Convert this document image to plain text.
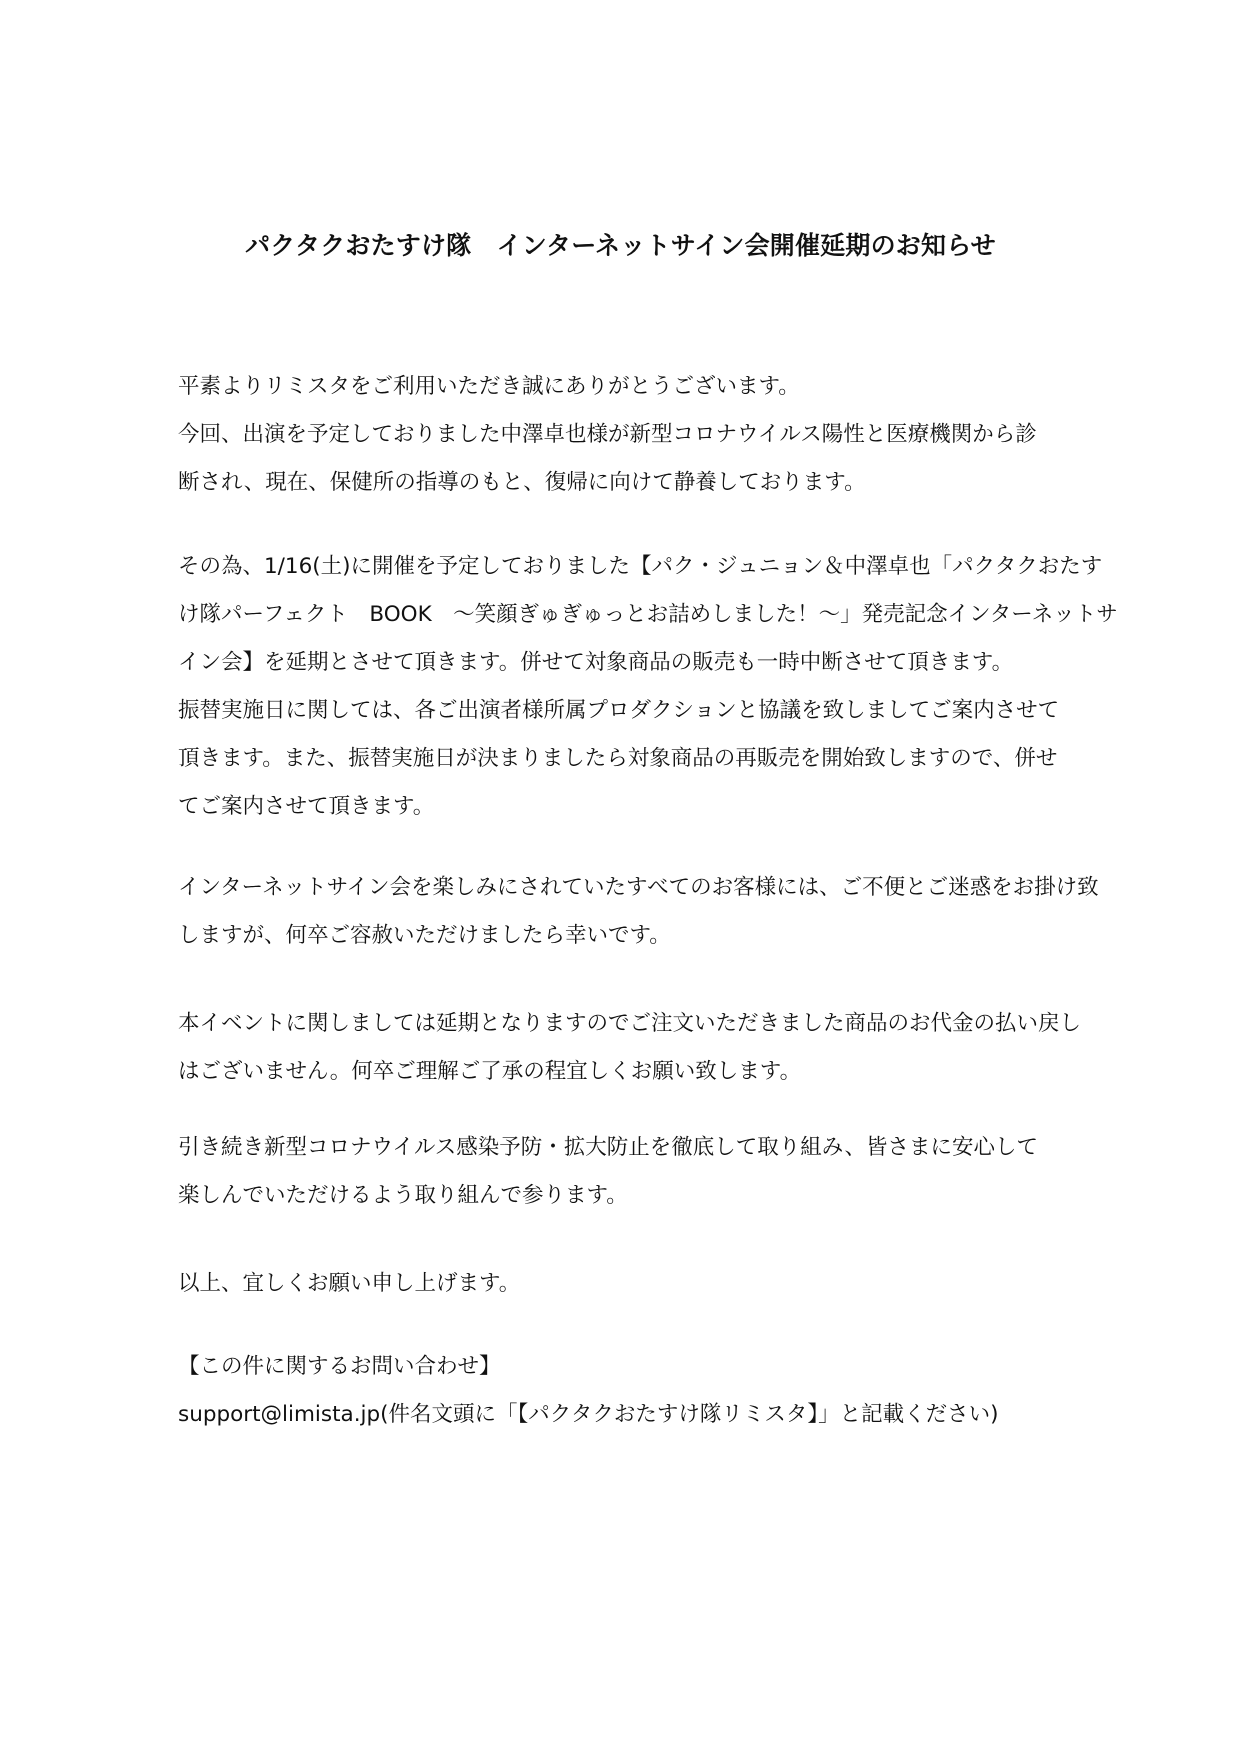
パクタクおたすけ隊　インターネットサイン会開催延期のお知らせ
平素よりリミスタをご利用いただき誠にありがとうございます。
今回、出演を予定しておりました中澤卓也様が新型コロナウイルス陽性と医療機関から診
断され、現在、保健所の指導のもと、復帰に向けて静養しております。
その為、1/16(土)に開催を予定しておりました【パク・ジュニョン＆中澤卓也「パクタクおたす
け隊パーフェクト　BOOK　～笑顔ぎゅぎゅっとお詰めしました！～」発売記念インターネットサ
イン会】を延期とさせて頂きます。併せて対象商品の販売も一時中断させて頂きます。
振替実施日に関しては、各ご出演者様所属プロダクションと協議を致しましてご案内させて
頂きます。また、振替実施日が決まりましたら対象商品の再販売を開始致しますので、併せ
てご案内させて頂きます。
インターネットサイン会を楽しみにされていたすべてのお客様には、ご不便とご迷惑をお掛け致
しますが、何卒ご容赦いただけましたら幸いです。
本イベントに関しましては延期となりますのでご注文いただきました商品のお代金の払い戻し
はございません。何卒ご理解ご了承の程宜しくお願い致します。
引き続き新型コロナウイルス感染予防・拡大防止を徹底して取り組み、皆さまに安心して
楽しんでいただけるよう取り組んで参ります。
以上、宜しくお願い申し上げます。
【この件に関するお問い合わせ】
support@limista.jp(件名文頭に「【パクタクおたすけ隊リミスタ】」と記載ください)
